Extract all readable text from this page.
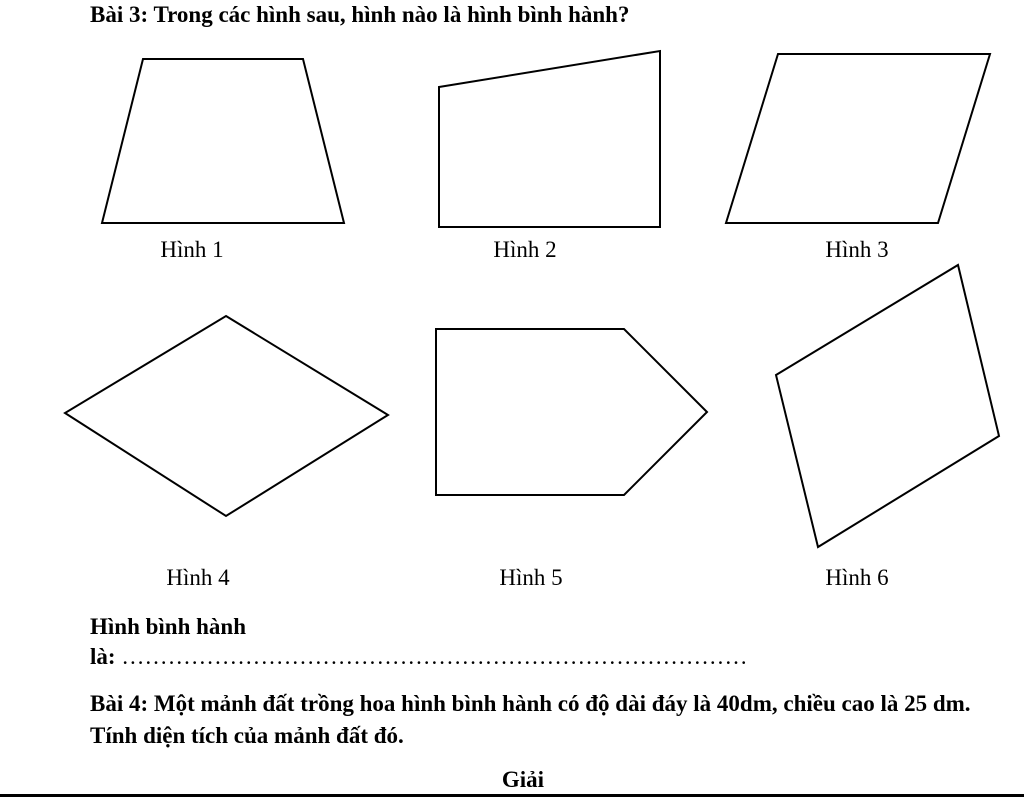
Bài 3: Trong các hình sau, hình nào là hình bình hành?
Hình 1	Hình 2	Hình 3
Hình 4	Hình 5	Hình 6
Hình bình hành
là: ………………………………………………………………………
Bài 4: Một mảnh đất trồng hoa hình bình hành có độ dài đáy là 40dm, chiều cao là 25 dm. Tính diện tích của mảnh đất đó.
Giải
